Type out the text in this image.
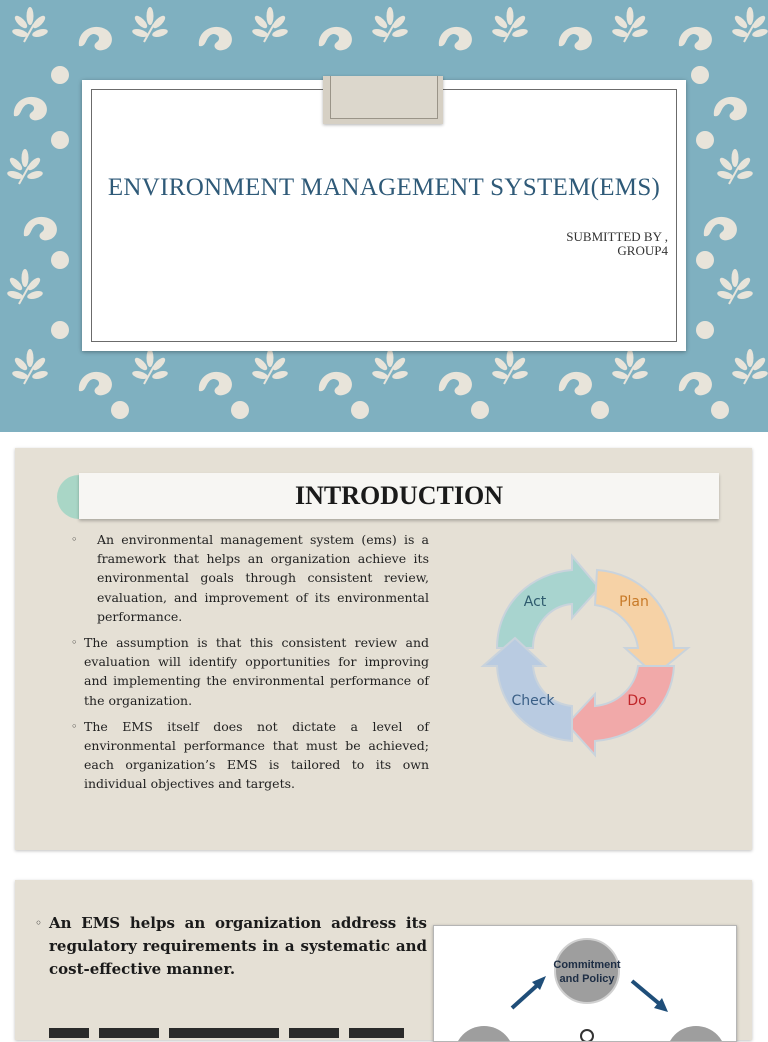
ENVIRONMENT MANAGEMENT SYSTEM(EMS)
SUBMITTED BY ,
GROUP4
INTRODUCTION
◦ An environmental management system (ems) is a framework that helps an organization achieve its environmental goals through consistent review, evaluation, and improvement of its environmental performance.
◦ The assumption is that this consistent review and evaluation will identify opportunities for improving and implementing the environmental performance of the organization.
◦ The EMS itself does not dictate a level of environmental performance that must be achieved; each organization’s EMS is tailored to its own individual objectives and targets.
Act	Plan
Do
Check
◦ An EMS helps an organization address its regulatory requirements in a systematic and cost-effective manner.	Commitment
and Policy
